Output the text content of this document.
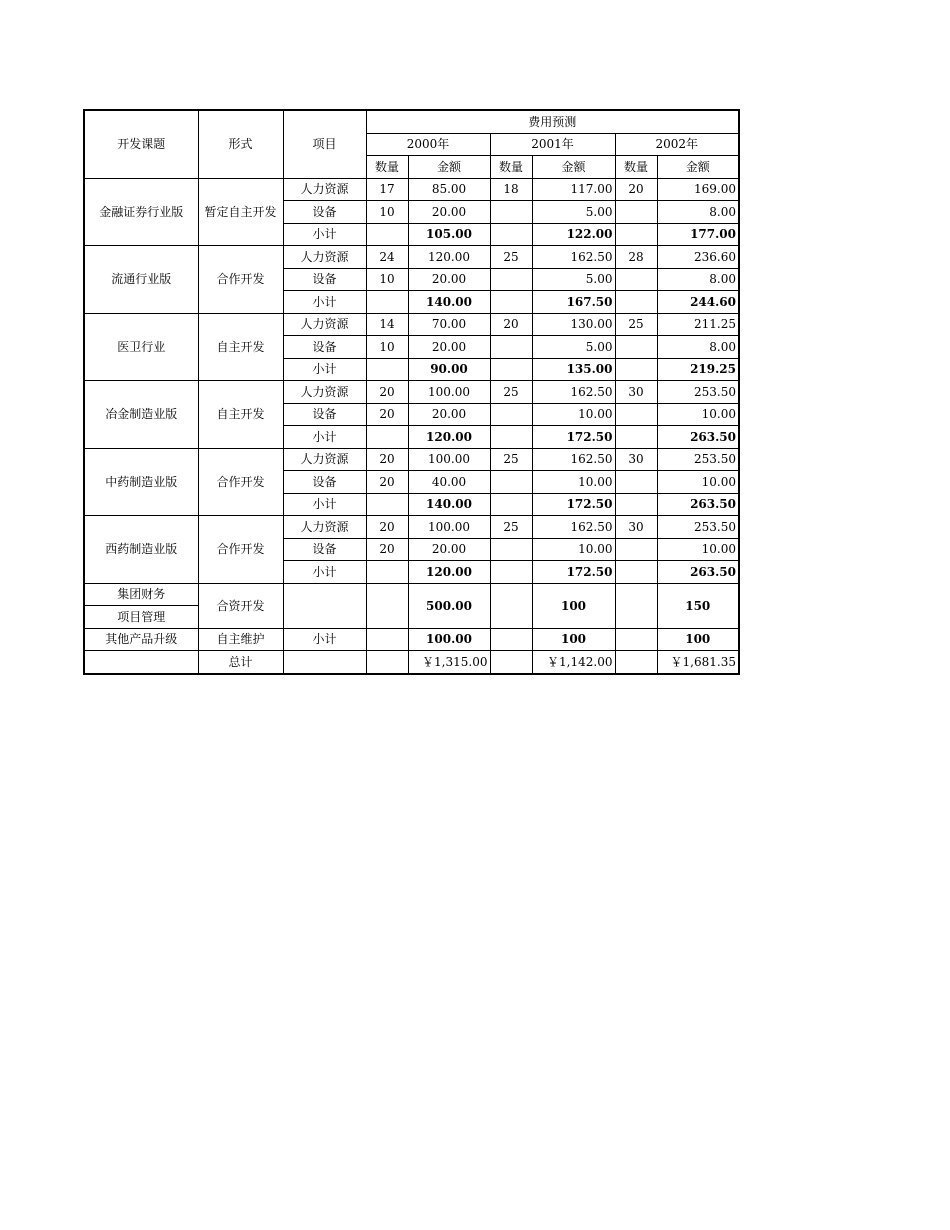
开发课题	形式	项目	费用预测					
			2000年		2001年		2002年	
			数量	金额	数量	金额	数量	金额
金融证券行业版	暂定自主开发	人力资源	17	85.00	18	117.00	20	169.00
		设备	10	20.00		5.00		8.00
		小计		105.00		122.00		177.00
流通行业版	合作开发	人力资源	24	120.00	25	162.50	28	236.60
		设备	10	20.00		5.00		8.00
		小计		140.00		167.50		244.60
医卫行业	自主开发	人力资源	14	70.00	20	130.00	25	211.25
		设备	10	20.00		5.00		8.00
		小计		90.00		135.00		219.25
冶金制造业版	自主开发	人力资源	20	100.00	25	162.50	30	253.50
		设备	20	20.00		10.00		10.00
		小计		120.00		172.50		263.50
中药制造业版	合作开发	人力资源	20	100.00	25	162.50	30	253.50
		设备	20	40.00		10.00		10.00
		小计		140.00		172.50		263.50
西药制造业版	合作开发	人力资源	20	100.00	25	162.50	30	253.50
		设备	20	20.00		10.00		10.00
		小计		120.00		172.50		263.50
集团财务	合资开发			500.00		100		150
项目管理								
其他产品升级	自主维护	小计		100.00		100		100
	总计			￥1,315.00		￥1,142.00		￥1,681.35
